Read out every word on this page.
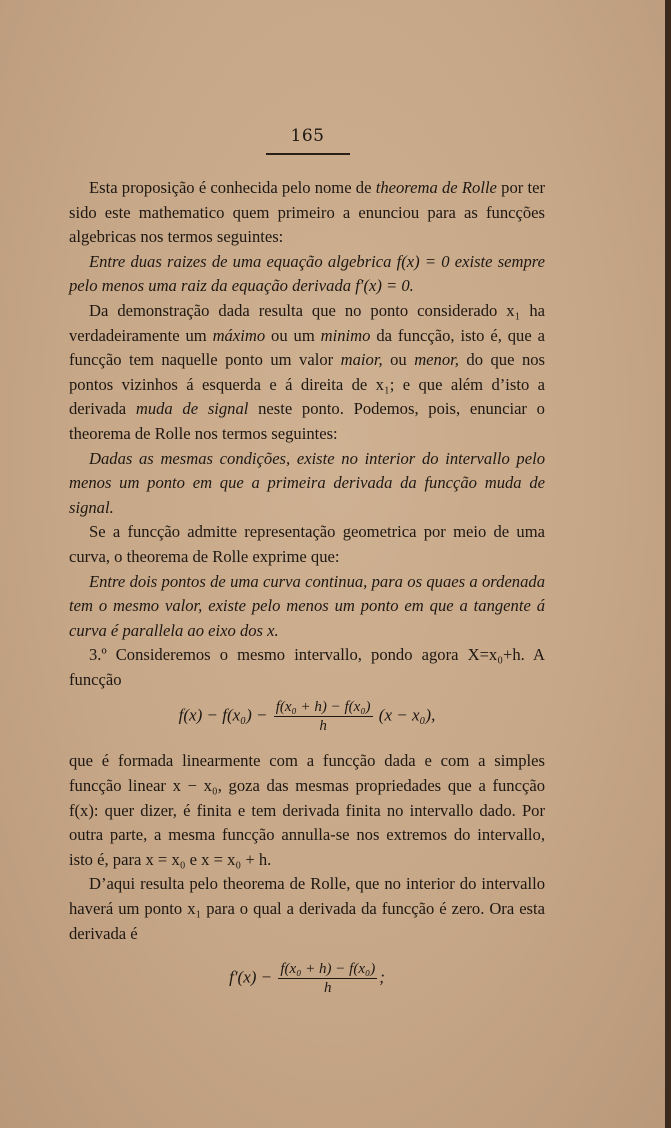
165

Esta proposição é conhecida pelo nome de theorema de Rolle por ter sido este mathematico quem primeiro a enunciou para as funcções algebricas nos termos seguintes:

Entre duas raizes de uma equação algebrica f(x) = 0 existe sempre pelo menos uma raiz da equação derivada f′(x) = 0.

Da demonstração dada resulta que no ponto considerado x₁ ha verdadeiramente um máximo ou um minimo da funcção, isto é, que a funcção tem naquelle ponto um valor maior, ou menor, do que nos pontos vizinhos á esquerda e á direita de x₁; e que além d’isto a derivada muda de signal neste ponto. Podemos, pois, enunciar o theorema de Rolle nos termos seguintes:

Dadas as mesmas condições, existe no interior do intervallo pelo menos um ponto em que a primeira derivada da funcção muda de signal.

Se a funcção admitte representação geometrica por meio de uma curva, o theorema de Rolle exprime que:

Entre dois pontos de uma curva continua, para os quaes a ordenada tem o mesmo valor, existe pelo menos um ponto em que a tangente á curva é parallela ao eixo dos x.

3.º Consideremos o mesmo intervallo, pondo agora X=x₀+h. A funcção

$f(x) - f(x_0) - \frac{\text{f(x₀ + h) − f(x₀)}}{h} (x - x_0)$,

que é formada linearmente com a funcção dada e com a simples funcção linear x − x₀, goza das mesmas propriedades que a funcção f(x): quer dizer, é finita e tem derivada finita no intervallo dado. Por outra parte, a mesma funcção annulla-se nos extremos do intervallo, isto é, para x = x₀ e x = x₀ + h.

D’aqui resulta pelo theorema de Rolle, que no interior do intervallo haverá um ponto x₁ para o qual a derivada da funcção é zero. Ora esta derivada é

$f'(x) - \frac{\text{f(x₀ + h) − f(x₀)}}{h}$ ;
